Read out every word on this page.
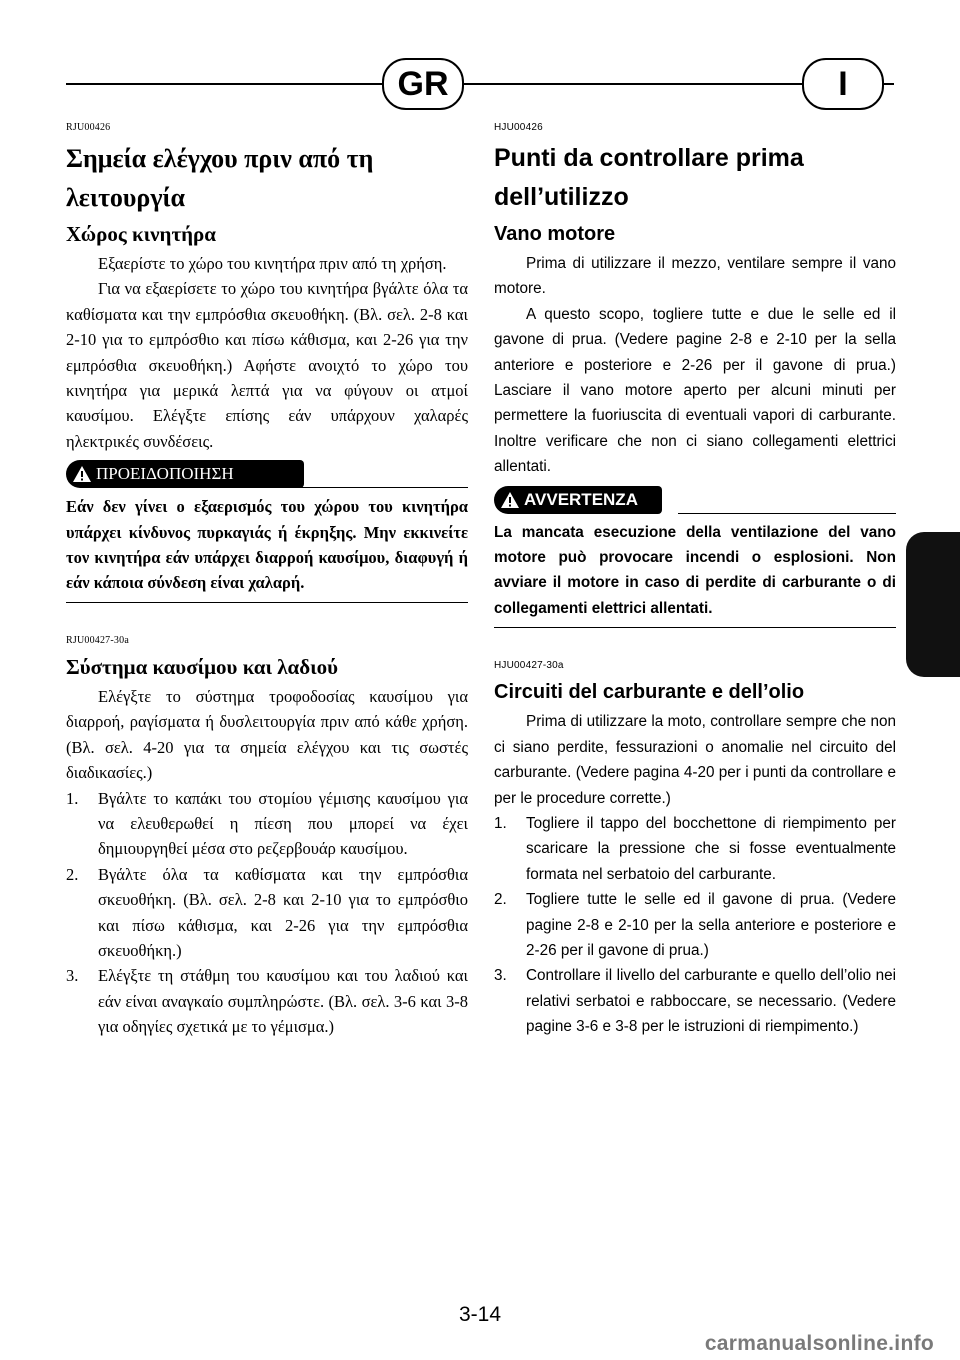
GR	I
RJU00426
Σημεία ελέγχου πριν από τη λειτουργία
Χώρος κινητήρα

Εξαερίστε το χώρο του κινητήρα πριν από τη χρήση.

Για να εξαερίσετε το χώρο του κινητήρα βγάλτε όλα τα καθίσματα και την εμπρόσθια σκευοθήκη. (Βλ. σελ. 2-8 και 2-10 για το εμπρόσθιο και πίσω κάθισμα, και 2-26 για την εμπρόσθια σκευοθήκη.) Αφήστε ανοιχτό το χώρο του κινητήρα για μερικά λεπτά για να φύγουν οι ατμοί καυσίμου. Ελέγξτε επίσης εάν υπάρχουν χαλαρές ηλεκτρικές συνδέσεις.

ΠΡΟΕΙΔΟΠΟΙΗΣΗ

Εάν δεν γίνει ο εξαερισμός του χώρου του κινητήρα υπάρχει κίνδυνος πυρκαγιάς ή έκρηξης. Μην εκκινείτε τον κινητήρα εάν υπάρχει διαρροή καυσίμου, διαφυγή ή εάν κάποια σύνδεση είναι χαλαρή.

RJU00427-30a
Σύστημα καυσίμου και λαδιού

Ελέγξτε το σύστημα τροφοδοσίας καυσίμου για διαρροή, ραγίσματα ή δυσλειτουργία πριν από κάθε χρήση. (Βλ. σελ. 4-20 για τα σημεία ελέγχου και τις σωστές διαδικασίες.)

1. Βγάλτε το καπάκι του στομίου γέμισης καυσίμου για να ελευθερωθεί η πίεση που μπορεί να έχει δημιουργηθεί μέσα στο ρεζερβουάρ καυσίμου.
2. Βγάλτε όλα τα καθίσματα και την εμπρόσθια σκευοθήκη. (Βλ. σελ. 2-8 και 2-10 για το εμπρόσθιο και πίσω κάθισμα, και 2-26 για την εμπρόσθια σκευοθήκη.)
3. Ελέγξτε τη στάθμη του καυσίμου και του λαδιού και εάν είναι αναγκαίο συμπληρώστε. (Βλ. σελ. 3-6 και 3-8 για οδηγίες σχετικά με το γέμισμα.)
HJU00426
Punti da controllare prima dell’utilizzo
Vano motore

Prima di utilizzare il mezzo, ventilare sempre il vano motore.

A questo scopo, togliere tutte e due le selle ed il gavone di prua. (Vedere pagine 2-8 e 2-10 per la sella anteriore e posteriore e 2-26 per il gavone di prua.) Lasciare il vano motore aperto per alcuni minuti per permettere la fuoriuscita di eventuali vapori di carburante. Inoltre verificare che non ci siano collegamenti elettrici allentati.

AVVERTENZA

La mancata esecuzione della ventilazione del vano motore può provocare incendi o esplosioni. Non avviare il motore in caso di perdite di carburante o di collegamenti elettrici allentati.

HJU00427-30a
Circuiti del carburante e dell’olio

Prima di utilizzare la moto, controllare sempre che non ci siano perdite, fessurazioni o anomalie nel circuito del carburante. (Vedere pagina 4-20 per i punti da controllare e per le procedure corrette.)

1. Togliere il tappo del bocchettone di riempimento per scaricare la pressione che si fosse eventualmente formata nel serbatoio del carburante.
2. Togliere tutte le selle ed il gavone di prua. (Vedere pagine 2-8 e 2-10 per la sella anteriore e posteriore e 2-26 per il gavone di prua.)
3. Controllare il livello del carburante e quello dell’olio nei relativi serbatoi e rabboccare, se necessario. (Vedere pagine 3-6 e 3-8 per le istruzioni di riempimento.)
3-14
carmanualsonline.info
